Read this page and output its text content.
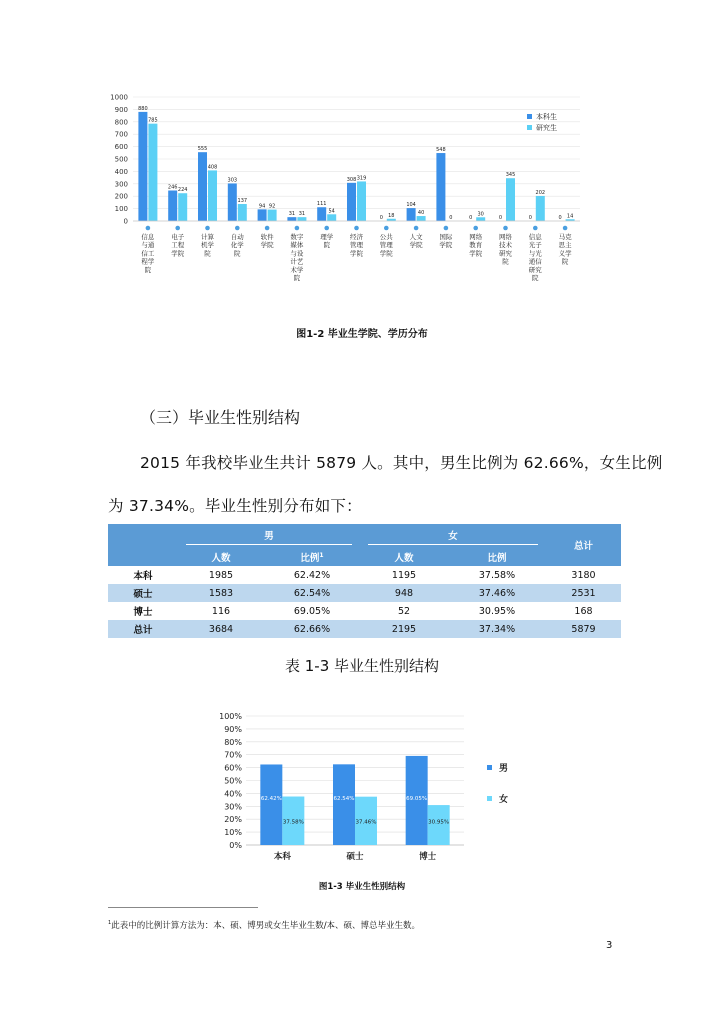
1000
900
800
700
600
500
400
300
200
100
0
880
785
信息
与通
信工
程学
院
246 224
电子
工程
学院
555
408
计算
机学
院
303
137
自动
化学
院
94 92
软件
学院
31 31
数字
媒体
与设
计艺
术学
院
111
54
理学
院
308 319
经济
管理
学院
0 18
公共
管理
学院
104
40
人文
学院
548
0
国际
学院
0
30
网络
教育
学院
0
345
网络
技术
研究
院
0
202
信息
光子
与光
通信
研究
院
0 14
马克
思主
义学
院
本科生
研究生
图1-2 毕业生学院、学历分布
（三）毕业生性别结构
2015 年我校毕业生共计 5879 人。其中，男生比例为 62.66%，女生比例
为 37.34%。毕业生性别分布如下：

	男		女		总计
	人数	比例$^1$	人数	比例	
本科	1985	62.42%	1195	37.58%	3180
硕士	1583	62.54%	948	37.46%	2531
博士	116	69.05%	52	30.95%	168
总计	3684	62.66%	2195	37.34%	5879
表 1-3 毕业生性别结构
100%
90%
80%
70%
60%
50%
40%
30%
20%
10%
0%
62.42%
37.58%
本科
62.54%
37.46%
硕士
69.05%
30.95%
博士
男
女
图1-3 毕业生性别结构
$^1$此表中的比例计算方法为：本、硕、博男或女生毕业生数/本、硕、博总毕业生数。
3
